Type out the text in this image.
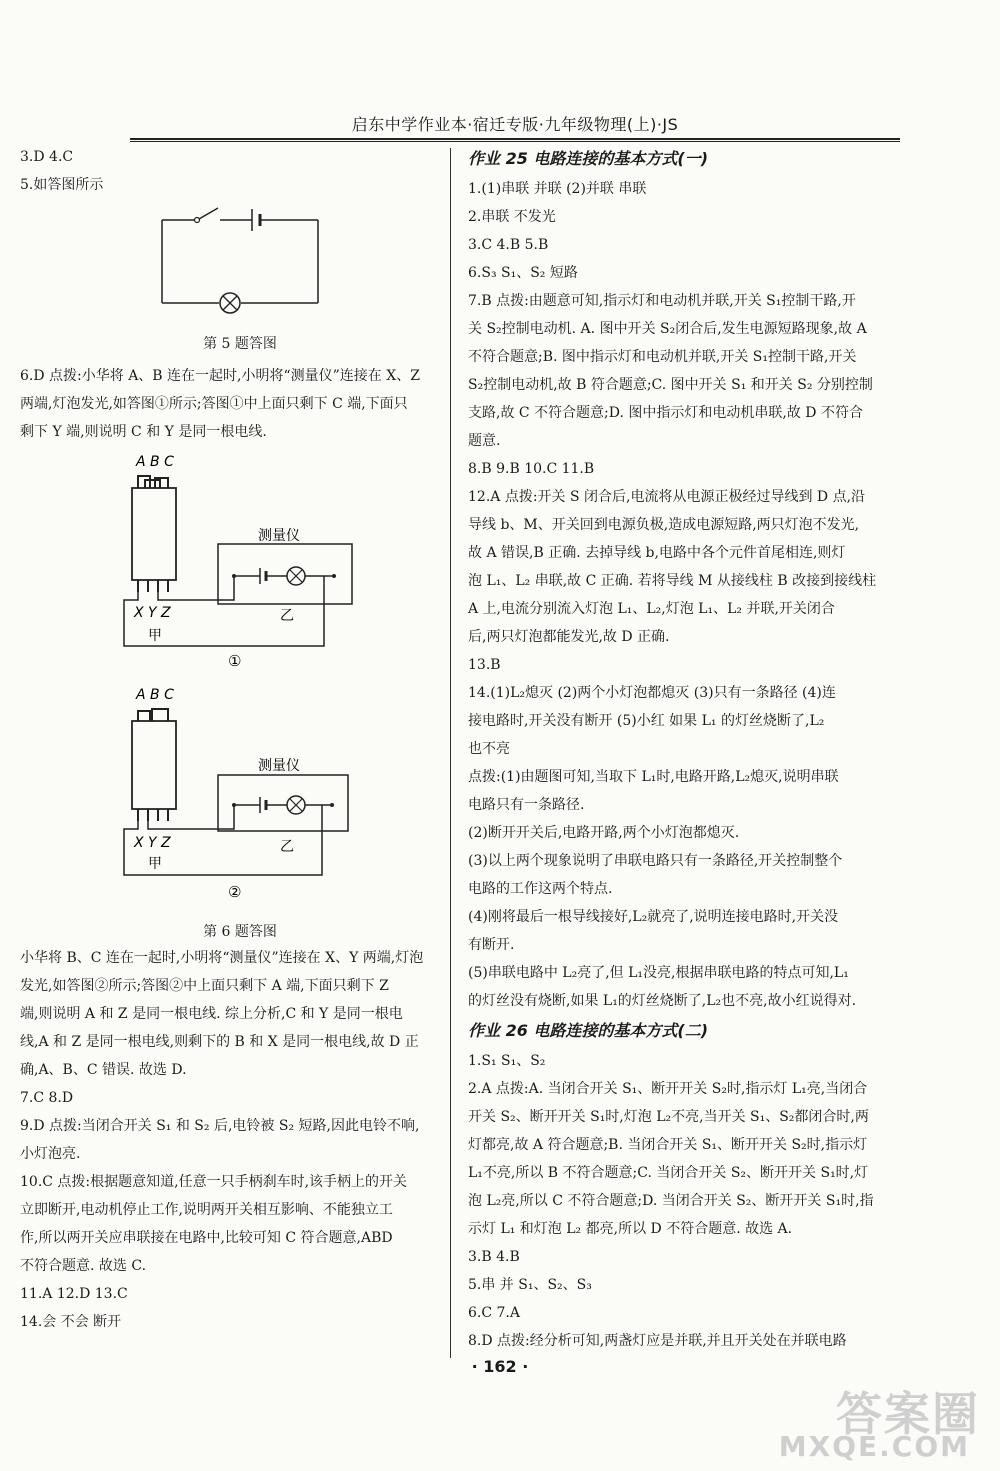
启东中学作业本·宿迁专版·九年级物理(上)·JS

3.D 4.C

5.如答图所示

第 5 题答图

6.D 点拨:小华将 A、B 连在一起时,小明将“测量仪”连接在 X、Z

两端,灯泡发光,如答图①所示;答图①中上面只剩下 C 端,下面只

剩下 Y 端,则说明 C 和 Y 是同一根电线.

A B C
X Y Z
甲
测量仪
乙
①
A B C
X Y Z
甲
测量仪
乙
②
第 6 题答图

小华将 B、C 连在一起时,小明将“测量仪”连接在 X、Y 两端,灯泡

发光,如答图②所示;答图②中上面只剩下 A 端,下面只剩下 Z

端,则说明 A 和 Z 是同一根电线. 综上分析,C 和 Y 是同一根电

线,A 和 Z 是同一根电线,则剩下的 B 和 X 是同一根电线,故 D 正

确,A、B、C 错误. 故选 D.

7.C 8.D

9.D 点拨:当闭合开关 S₁ 和 S₂ 后,电铃被 S₂ 短路,因此电铃不响,

小灯泡亮.

10.C 点拨:根据题意知道,任意一只手柄刹车时,该手柄上的开关

立即断开,电动机停止工作,说明两开关相互影响、不能独立工

作,所以两开关应串联接在电路中,比较可知 C 符合题意,ABD

不符合题意. 故选 C.

11.A 12.D 13.C

14.会 不会 断开

作业 25 电路连接的基本方式(一)

1.(1)串联 并联 (2)并联 串联

2.串联 不发光

3.C 4.B 5.B

6.S₃ S₁、S₂ 短路

7.B 点拨:由题意可知,指示灯和电动机并联,开关 S₁控制干路,开

关 S₂控制电动机. A. 图中开关 S₂闭合后,发生电源短路现象,故 A

不符合题意;B. 图中指示灯和电动机并联,开关 S₁控制干路,开关

S₂控制电动机,故 B 符合题意;C. 图中开关 S₁ 和开关 S₂ 分别控制

支路,故 C 不符合题意;D. 图中指示灯和电动机串联,故 D 不符合

题意.

8.B 9.B 10.C 11.B

12.A 点拨:开关 S 闭合后,电流将从电源正极经过导线到 D 点,沿

导线 b、M、开关回到电源负极,造成电源短路,两只灯泡不发光,

故 A 错误,B 正确. 去掉导线 b,电路中各个元件首尾相连,则灯

泡 L₁、L₂ 串联,故 C 正确. 若将导线 M 从接线柱 B 改接到接线柱

A 上,电流分别流入灯泡 L₁、L₂,灯泡 L₁、L₂ 并联,开关闭合

后,两只灯泡都能发光,故 D 正确.

13.B

14.(1)L₂熄灭 (2)两个小灯泡都熄灭 (3)只有一条路径 (4)连

接电路时,开关没有断开 (5)小红 如果 L₁ 的灯丝烧断了,L₂

也不亮

点拨:(1)由题图可知,当取下 L₁时,电路开路,L₂熄灭,说明串联

电路只有一条路径.

(2)断开开关后,电路开路,两个小灯泡都熄灭.

(3)以上两个现象说明了串联电路只有一条路径,开关控制整个

电路的工作这两个特点.

(4)刚将最后一根导线接好,L₂就亮了,说明连接电路时,开关没

有断开.

(5)串联电路中 L₂亮了,但 L₁没亮,根据串联电路的特点可知,L₁

的灯丝没有烧断,如果 L₁的灯丝烧断了,L₂也不亮,故小红说得对.

作业 26 电路连接的基本方式(二)

1.S₁ S₁、S₂

2.A 点拨:A. 当闭合开关 S₁、断开开关 S₂时,指示灯 L₁亮,当闭合

开关 S₂、断开开关 S₁时,灯泡 L₂不亮,当开关 S₁、S₂都闭合时,两

灯都亮,故 A 符合题意;B. 当闭合开关 S₁、断开开关 S₂时,指示灯

L₁不亮,所以 B 不符合题意;C. 当闭合开关 S₂、断开开关 S₁时,灯

泡 L₂亮,所以 C 不符合题意;D. 当闭合开关 S₂、断开开关 S₁时,指

示灯 L₁ 和灯泡 L₂ 都亮,所以 D 不符合题意. 故选 A.

3.B 4.B

5.串 并 S₁、S₂、S₃

6.C 7.A

8.D 点拨:经分析可知,两盏灯应是并联,并且开关处在并联电路

· 162 ·
答案圈
MXQE.COM
